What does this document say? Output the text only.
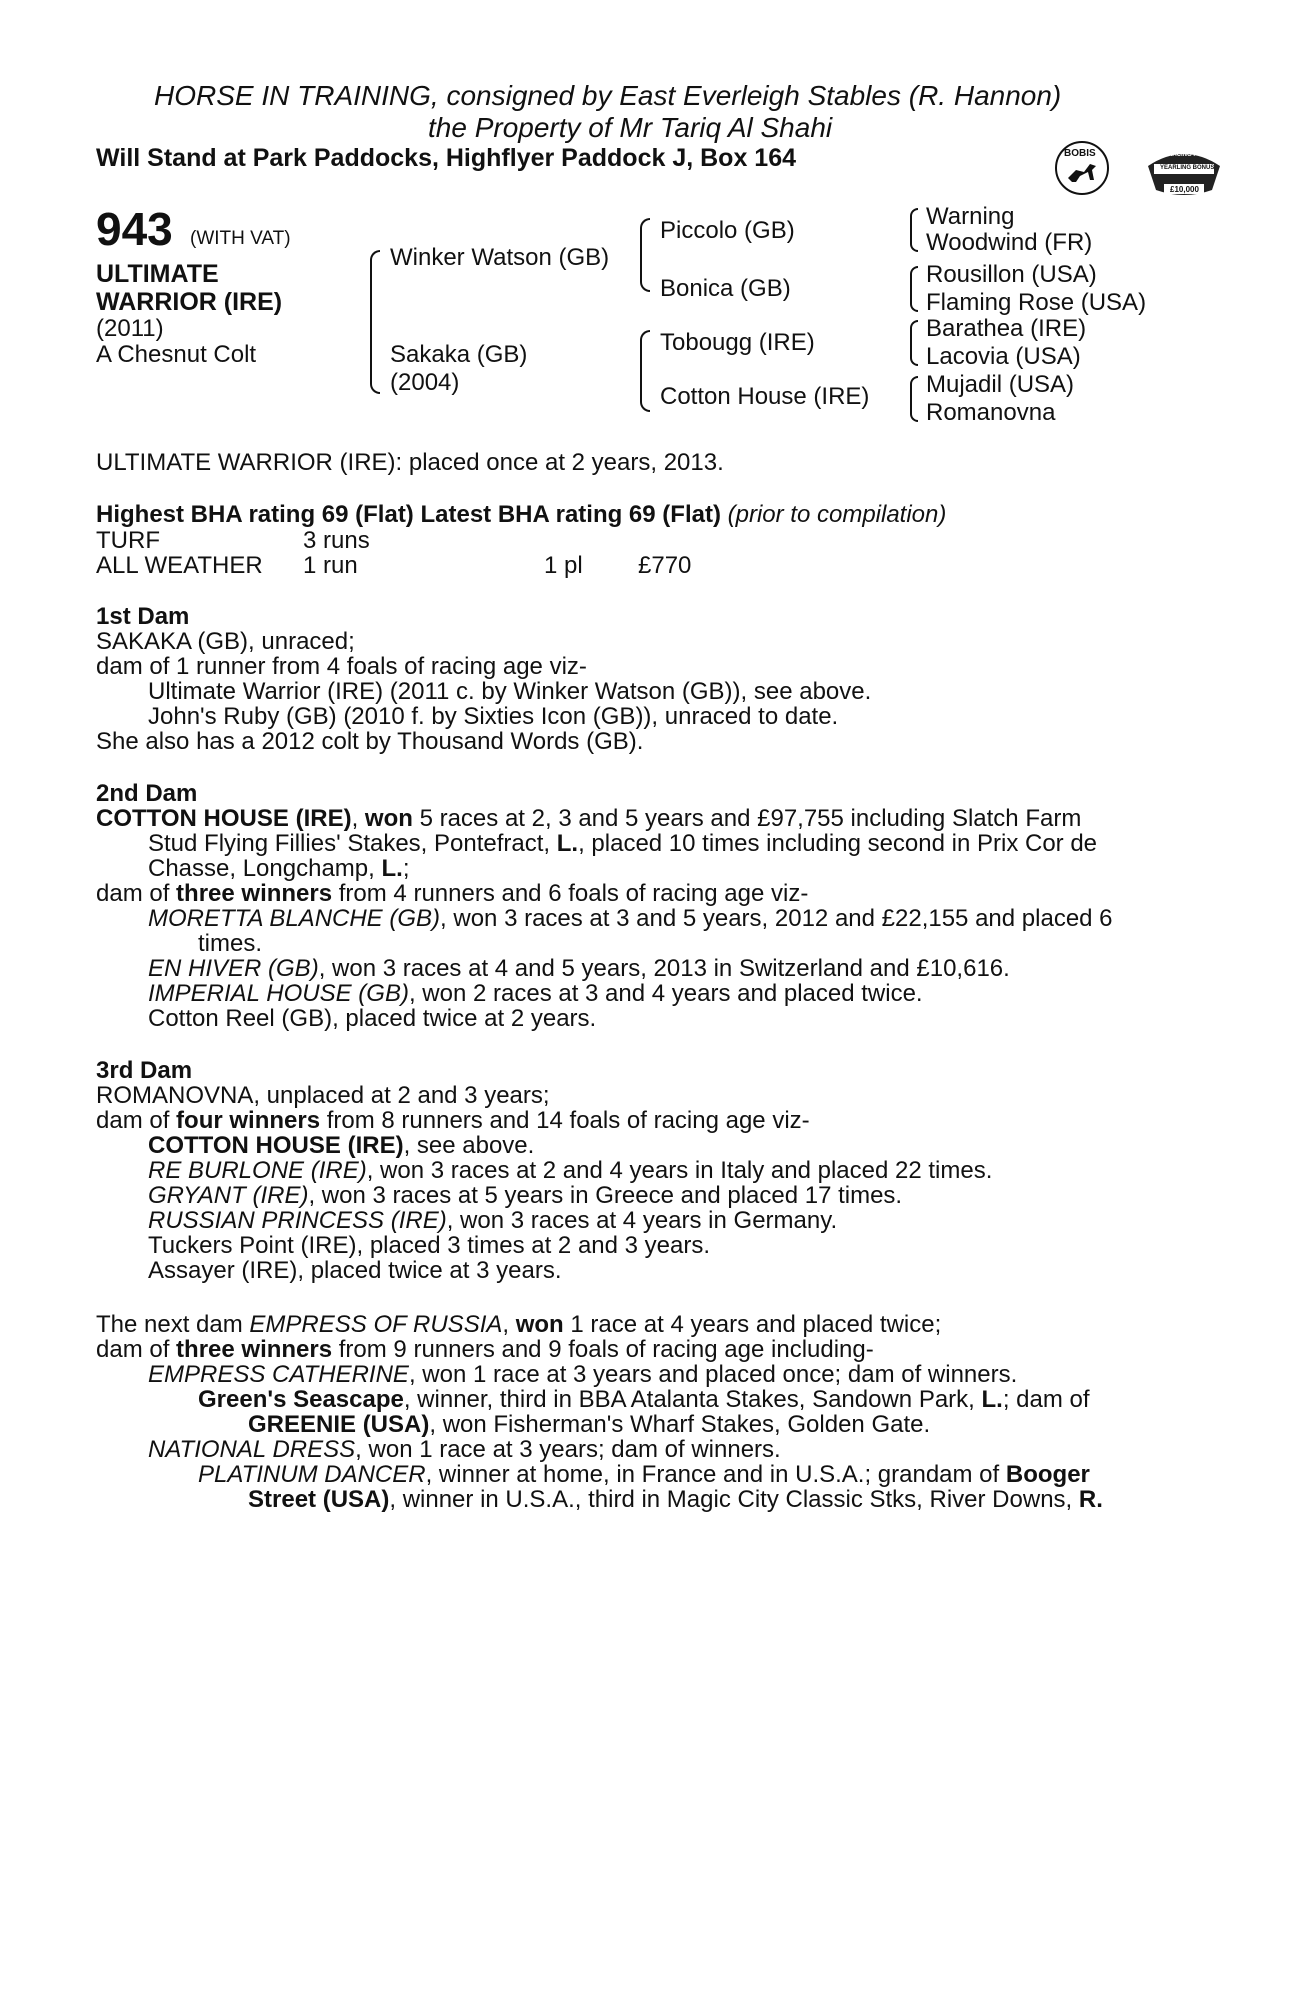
HORSE IN TRAINING, consigned by East Everleigh Stables (R. Hannon)
the Property of Mr Tariq Al Shahi
Will Stand at Park Paddocks, Highflyer Paddock J, Box 164	BOBIS	RACING POST
YEARLING BONUS
£10,000
943 (WITH VAT)
ULTIMATE
WARRIOR (IRE)
(2011)
A Chesnut Colt
Winker Watson (GB)
Sakaka (GB)
(2004)
Piccolo (GB)
Bonica (GB)
Tobougg (IRE)
Cotton House (IRE)
Warning
Woodwind (FR)
Rousillon (USA)
Flaming Rose (USA)
Barathea (IRE)
Lacovia (USA)
Mujadil (USA)
Romanovna
ULTIMATE WARRIOR (IRE): placed once at 2 years, 2013.
Highest BHA rating 69 (Flat) Latest BHA rating 69 (Flat) (prior to compilation)
TURF	3 runs
ALL WEATHER 1 run	1 pl £770
1st Dam
SAKAKA (GB), unraced;
dam of 1 runner from 4 foals of racing age viz-
Ultimate Warrior (IRE) (2011 c. by Winker Watson (GB)), see above.
John's Ruby (GB) (2010 f. by Sixties Icon (GB)), unraced to date.
She also has a 2012 colt by Thousand Words (GB).
2nd Dam
COTTON HOUSE (IRE), won 5 races at 2, 3 and 5 years and £97,755 including Slatch Farm
Stud Flying Fillies' Stakes, Pontefract, L., placed 10 times including second in Prix Cor de
Chasse, Longchamp, L.;
dam of three winners from 4 runners and 6 foals of racing age viz-
MORETTA BLANCHE (GB), won 3 races at 3 and 5 years, 2012 and £22,155 and placed 6
times.
EN HIVER (GB), won 3 races at 4 and 5 years, 2013 in Switzerland and £10,616.
IMPERIAL HOUSE (GB), won 2 races at 3 and 4 years and placed twice.
Cotton Reel (GB), placed twice at 2 years.
3rd Dam
ROMANOVNA, unplaced at 2 and 3 years;
dam of four winners from 8 runners and 14 foals of racing age viz-
COTTON HOUSE (IRE), see above.
RE BURLONE (IRE), won 3 races at 2 and 4 years in Italy and placed 22 times.
GRYANT (IRE), won 3 races at 5 years in Greece and placed 17 times.
RUSSIAN PRINCESS (IRE), won 3 races at 4 years in Germany.
Tuckers Point (IRE), placed 3 times at 2 and 3 years.
Assayer (IRE), placed twice at 3 years.
The next dam EMPRESS OF RUSSIA, won 1 race at 4 years and placed twice;
dam of three winners from 9 runners and 9 foals of racing age including-
EMPRESS CATHERINE, won 1 race at 3 years and placed once; dam of winners.
Green's Seascape, winner, third in BBA Atalanta Stakes, Sandown Park, L.; dam of
GREENIE (USA), won Fisherman's Wharf Stakes, Golden Gate.
NATIONAL DRESS, won 1 race at 3 years; dam of winners.
PLATINUM DANCER, winner at home, in France and in U.S.A.; grandam of Booger
Street (USA), winner in U.S.A., third in Magic City Classic Stks, River Downs, R.
